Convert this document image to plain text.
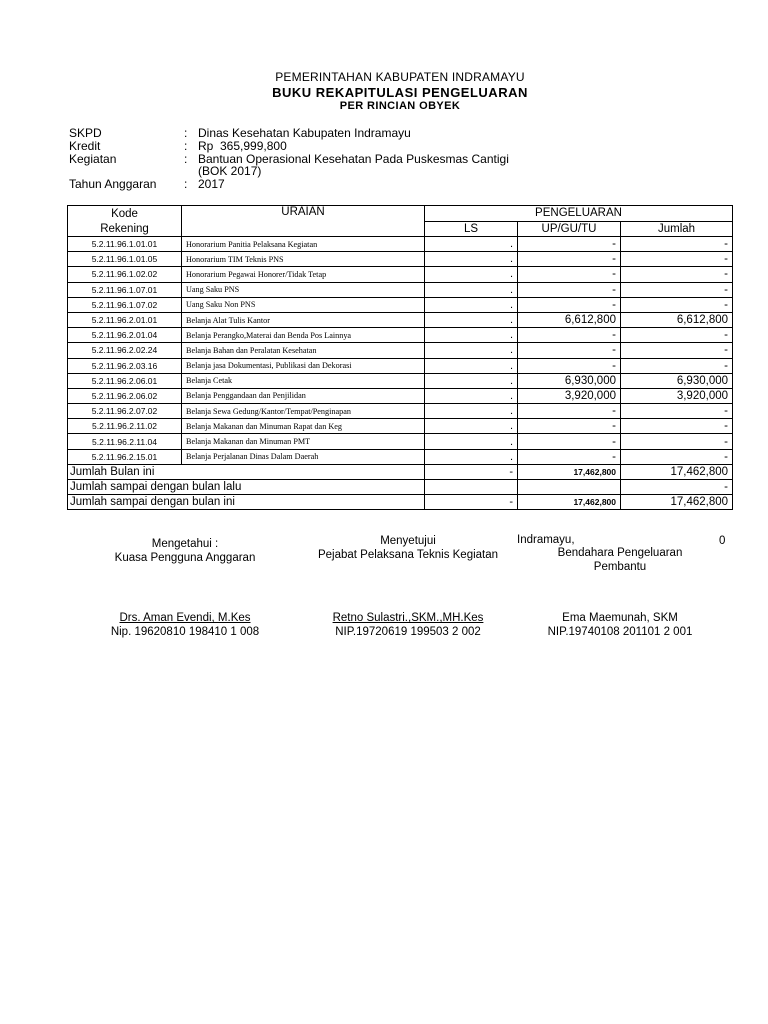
PEMERINTAHAN KABUPATEN INDRAMAYU
BUKU REKAPITULASI PENGELUARAN
PER RINCIAN OBYEK
SKPD	: Dinas Kesehatan Kabupaten Indramayu
Kredit	: Rp  365,999,800
Kegiatan	: Bantuan Operasional Kesehatan Pada Puskesmas Cantigi
(BOK 2017)
Tahun Anggaran	: 2017
Kode	URAIAN	PENGELUARAN		
Rekening		LS	UP/GU/TU	Jumlah
5.2.11.96.1.01.01	Honorarium Panitia Pelaksana Kegiatan	.	-	-
5.2.11.96.1.01.05	Honorarium TIM Teknis PNS	.	-	-
5.2.11.96.1.02.02	Honorarium Pegawai Honorer/Tidak Tetap	.	-	-
5.2.11.96.1.07.01	Uang Saku PNS	.	-	-
5.2.11.96.1.07.02	Uang Saku Non PNS	.	-	-
5.2.11.96.2.01.01	Belanja Alat Tulis Kantor	.	6,612,800	6,612,800
5.2.11.96.2.01.04	Belanja Perangko,Materai dan Benda Pos Lainnya	.	-	-
5.2.11.96.2.02.24	Belanja Bahan dan Peralatan Kesehatan	.	-	-
5.2.11.96.2.03.16	Belanja jasa Dokumentasi, Publikasi dan Dekorasi	.	-	-
5.2.11.96.2.06.01	Belanja Cetak	.	6,930,000	6,930,000
5.2.11.96.2.06.02	Belanja Penggandaan dan Penjilidan	.	3,920,000	3,920,000
5.2.11.96.2.07.02	Belanja Sewa Gedung/Kantor/Tempat/Penginapan	.	-	-
5.2.11.96.2.11.02	Belanja Makanan dan Minuman Rapat dan Keg	.	-	-
5.2.11.96.2.11.04	Belanja Makanan dan Minuman PMT	.	-	-
5.2.11.96.2.15.01	Belanja Perjalanan Dinas Dalam Daerah	.	-	-
Jumlah Bulan ini		-	17,462,800	17,462,800
Jumlah sampai dengan bulan lalu				-
Jumlah sampai dengan bulan ini		-	17,462,800	17,462,800
Mengetahui :
Kuasa Pengguna Anggaran
Drs. Aman Evendi, M.Kes
Nip. 19620810 198410 1 008
Menyetujui
Pejabat Pelaksana Teknis Kegiatan
Retno Sulastri.,SKM.,MH.Kes
NIP.19720619 199503 2 002
Indramayu,	0
Bendahara Pengeluaran
Pembantu
Ema Maemunah, SKM
NIP.19740108 201101 2 001
